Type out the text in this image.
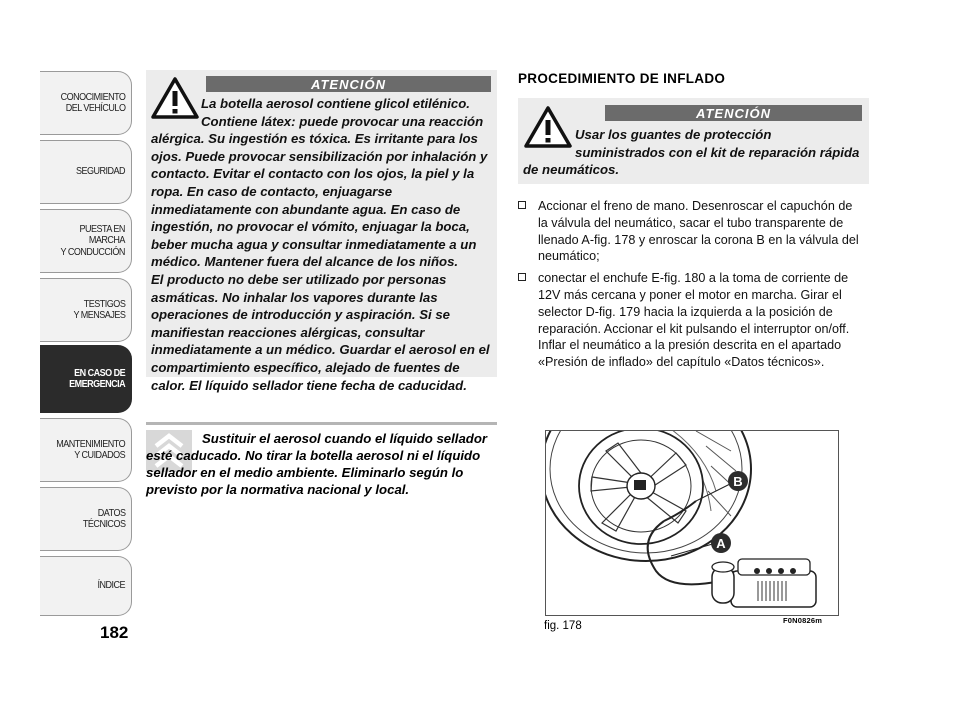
CONOCIMIENTO
DEL VEHÍCULO
SEGURIDAD
PUESTA EN
MARCHA
Y CONDUCCIÓN
TESTIGOS
Y MENSAJES
EN CASO DE
EMERGENCIA
MANTENIMIENTO
Y CUIDADOS
DATOS
TÉCNICOS
ÍNDICE
182
ATENCIÓN

La botella aerosol contiene glicol etilénico. Contiene látex: puede provocar una reacción alérgica. Su ingestión es tóxica. Es irritante para los ojos. Puede provocar sensibilización por inhalación y contacto. Evitar el contacto con los ojos, la piel y la ropa. En caso de contacto, enjuagarse inmediatamente con abundante agua. En caso de ingestión, no provocar el vómito, enjuagar la boca, beber mucha agua y consultar inmediatamente a un médico. Mantener fuera del alcance de los niños.

El producto no debe ser utilizado por personas asmáticas. No inhalar los vapores durante las operaciones de introducción y aspiración. Si se manifiestan reacciones alérgicas, consultar inmediatamente a un médico. Guardar el aerosol en el compartimiento específico, alejado de fuentes de calor. El líquido sellador tiene fecha de caducidad.

Sustituir el aerosol cuando el líquido sellador esté caducado. No tirar la botella aerosol ni el líquido sellador en el medio ambiente. Eliminarlo según lo previsto por la normativa nacional y local.
PROCEDIMIENTO DE INFLADO
ATENCIÓN

Usar los guantes de protección suministrados con el kit de reparación rápida de neumáticos.

Accionar el freno de mano. Desenroscar el capuchón de la válvula del neumático, sacar el tubo transparente de llenado A-fig. 178 y enroscar la corona B en la válvula del neumático;
conectar el enchufe E-fig. 180 a la toma de corriente de 12V más cercana y poner el motor en marcha. Girar el selector D-fig. 179 hacia la izquierda a la posición de reparación. Accionar el kit pulsando el interruptor on/off. Inflar el neumático a la presión descrita en el apartado «Presión de inflado» del capítulo «Datos técnicos».
B
A
fig. 178	F0N0826m
